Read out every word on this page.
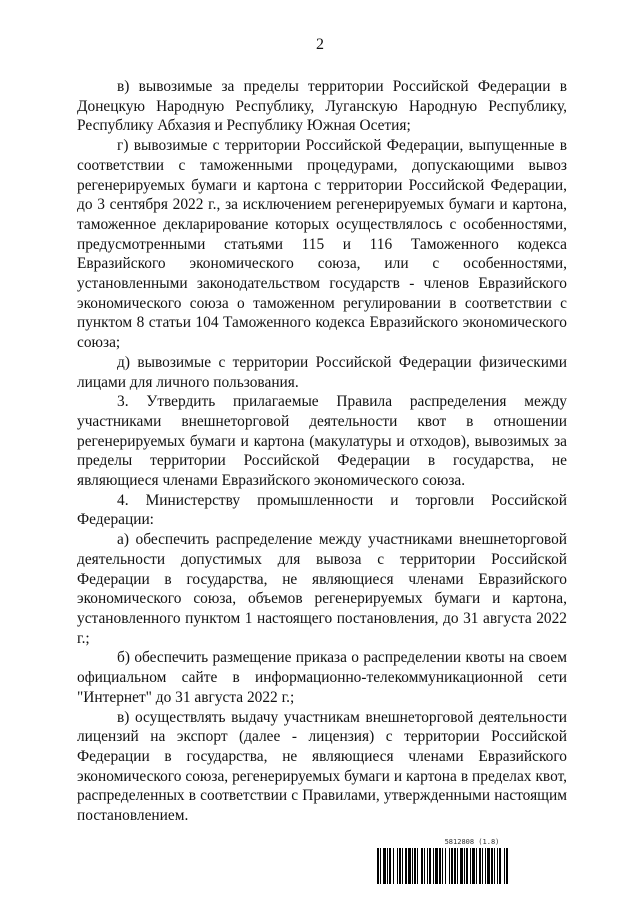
2

в) вывозимые за пределы территории Российской Федерации в Донецкую Народную Республику, Луганскую Народную Республику, Республику Абхазия и Республику Южная Осетия;

г) вывозимые с территории Российской Федерации, выпущенные в соответствии с таможенными процедурами, допускающими вывоз регенерируемых бумаги и картона с территории Российской Федерации, до 3 сентября 2022 г., за исключением регенерируемых бумаги и картона, таможенное декларирование которых осуществлялось с особенностями, предусмотренными статьями 115 и 116 Таможенного кодекса Евразийского экономического союза, или с особенностями, установленными законодательством государств - членов Евразийского экономического союза о таможенном регулировании в соответствии с пунктом 8 статьи 104 Таможенного кодекса Евразийского экономического союза;

д) вывозимые с территории Российской Федерации физическими лицами для личного пользования.

3. Утвердить прилагаемые Правила распределения между участниками внешнеторговой деятельности квот в отношении регенерируемых бумаги и картона (макулатуры и отходов), вывозимых за пределы территории Российской Федерации в государства, не являющиеся членами Евразийского экономического союза.

4. Министерству промышленности и торговли Российской Федерации:

а) обеспечить распределение между участниками внешнеторговой деятельности допустимых для вывоза с территории Российской Федерации в государства, не являющиеся членами Евразийского экономического союза, объемов регенерируемых бумаги и картона, установленного пунктом 1 настоящего постановления, до 31 августа 2022 г.;

б) обеспечить размещение приказа о распределении квоты на своем официальном сайте в информационно-телекоммуникационной сети "Интернет" до 31 августа 2022 г.;

в) осуществлять выдачу участникам внешнеторговой деятельности лицензий на экспорт (далее - лицензия) с территории Российской Федерации в государства, не являющиеся членами Евразийского экономического союза, регенерируемых бумаги и картона в пределах квот, распределенных в соответствии с Правилами, утвержденными настоящим постановлением.

5812808 (1.8)
